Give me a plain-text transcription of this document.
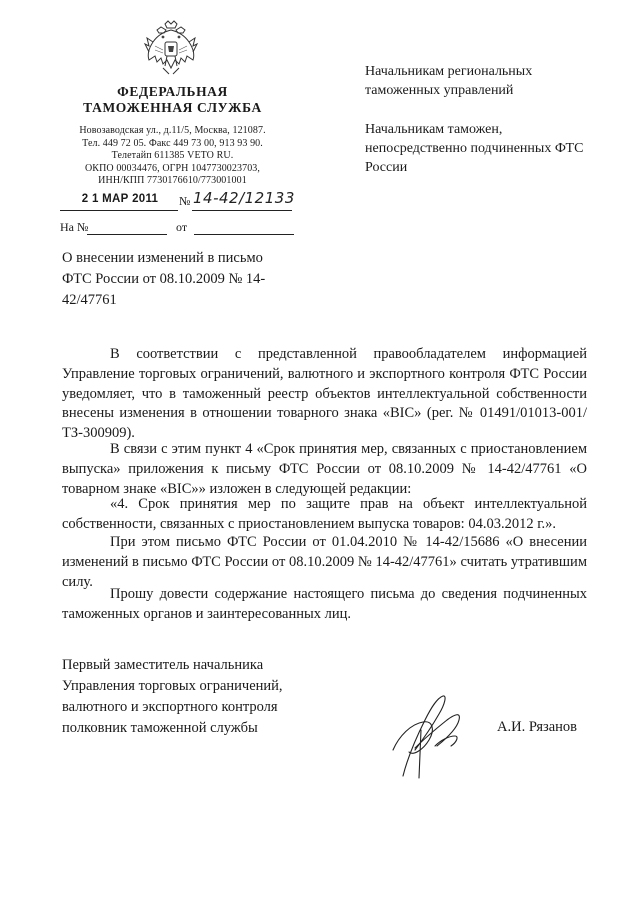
ФЕДЕРАЛЬНАЯ
ТАМОЖЕННАЯ СЛУЖБА
Новозаводская ул., д.11/5, Москва, 121087.
Тел. 449 72 05. Факс 449 73 00, 913 93 90.
Телетайп 611385 VETO RU.
ОКПО 00034476, ОГРН 1047730023703,
ИНН/КПП 7730176610/773001001
2 1 МАР 2011	№ 14-42/12133
На №	от
Начальникам региональных таможенных управлений
Начальникам таможен, непосредственно подчиненных ФТС России
О внесении изменений в письмо ФТС России от 08.10.2009 № 14-42/47761
В соответствии с представленной правообладателем информацией Управление торговых ограничений, валютного и экспортного контроля ФТС России уведомляет, что в таможенный реестр объектов интеллектуальной собственности внесены изменения в отношении товарного знака «BIC» (рег. № 01491/01013-001/ТЗ-300909).
В связи с этим пункт 4 «Срок принятия мер, связанных с приостановлением выпуска» приложения к письму ФТС России от 08.10.2009 № 14-42/47761 «О товарном знаке «BIC»» изложен в следующей редакции:
«4. Срок принятия мер по защите прав на объект интеллектуальной собственности, связанных с приостановлением выпуска товаров: 04.03.2012 г.».
При этом письмо ФТС России от 01.04.2010 № 14-42/15686 «О внесении изменений в письмо ФТС России от 08.10.2009 № 14-42/47761» считать утратившим силу.
Прошу довести содержание настоящего письма до сведения подчиненных таможенных органов и заинтересованных лиц.
Первый заместитель начальника
Управления торговых ограничений,
валютного и экспортного контроля
полковник таможенной службы	А.И. Рязанов
